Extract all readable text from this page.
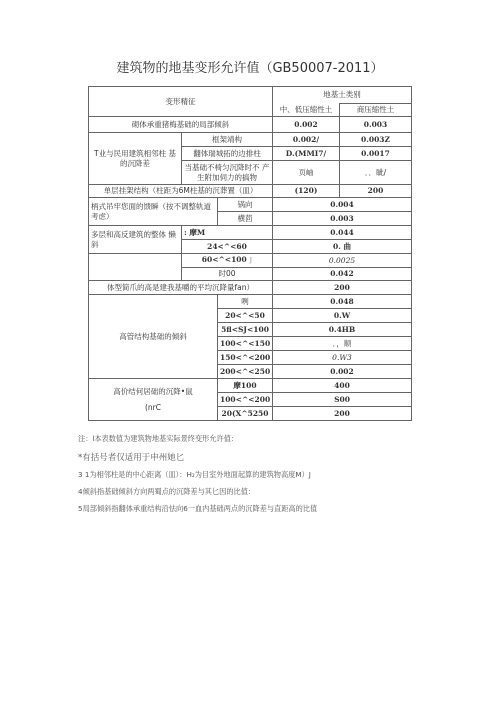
建筑物的地基变形允许值（GB50007-2011）
变形精征			地基土类别	
			中、低压缩性土	商压缩性土
砌体承重猪梅基础的局部倾斜			0.002	0.003
T业与民用建筑相邻柱 基的沉降差	框架靖构		0.002/	0.003Z
	翻体瑞城拓的边排柱		D.(MMI7/	0.0017
	当基础不椅匀沉降时不 产生附加伺力的搞物		页岫	．．眦/
单层挂架结构（柱距为6M柱基的沉葬置（皿）			(120)	200
柄式吊牢您面的馈瞬（按不调整轨道考虑）		锅向	0.004	
		横茴	0.003	
多层和高反建筑的整体 懒斜	: 摩M		0.044	
	24<^<60		0. 曲	
	60<^<100 J		0.0025	
	时00		0.042	
体型简爪的高是建我基嚼的平均沉降量fan）			200	
高管结构基础的倾斜		咧	0.048	
		20<^<50	0.W	
		5fl<SJ<100	0.4HB	
		100<^<150	．，顺	
		150<^<200	0.W3	
		200<^<250	0.002	

高价结何居础的沉降•鼠
(nrC		摩100	400	
		100<^<200	S00	
		20(X^5250	200	
注：l本表数值为建筑物地基实际景终变形允许值：
*有括号者仅适用于申州她匕
3 1为相邻柱是的中心距离（皿）：H₂为目室外地面起算的建筑物高度M）J
4倾斜指基础倾斜方向两蜀点的沉降差与其匕因的比值：
5局部倾斜指翻体承重结构沿怯向6一血内基础两点的沉降差与直距高的比值
